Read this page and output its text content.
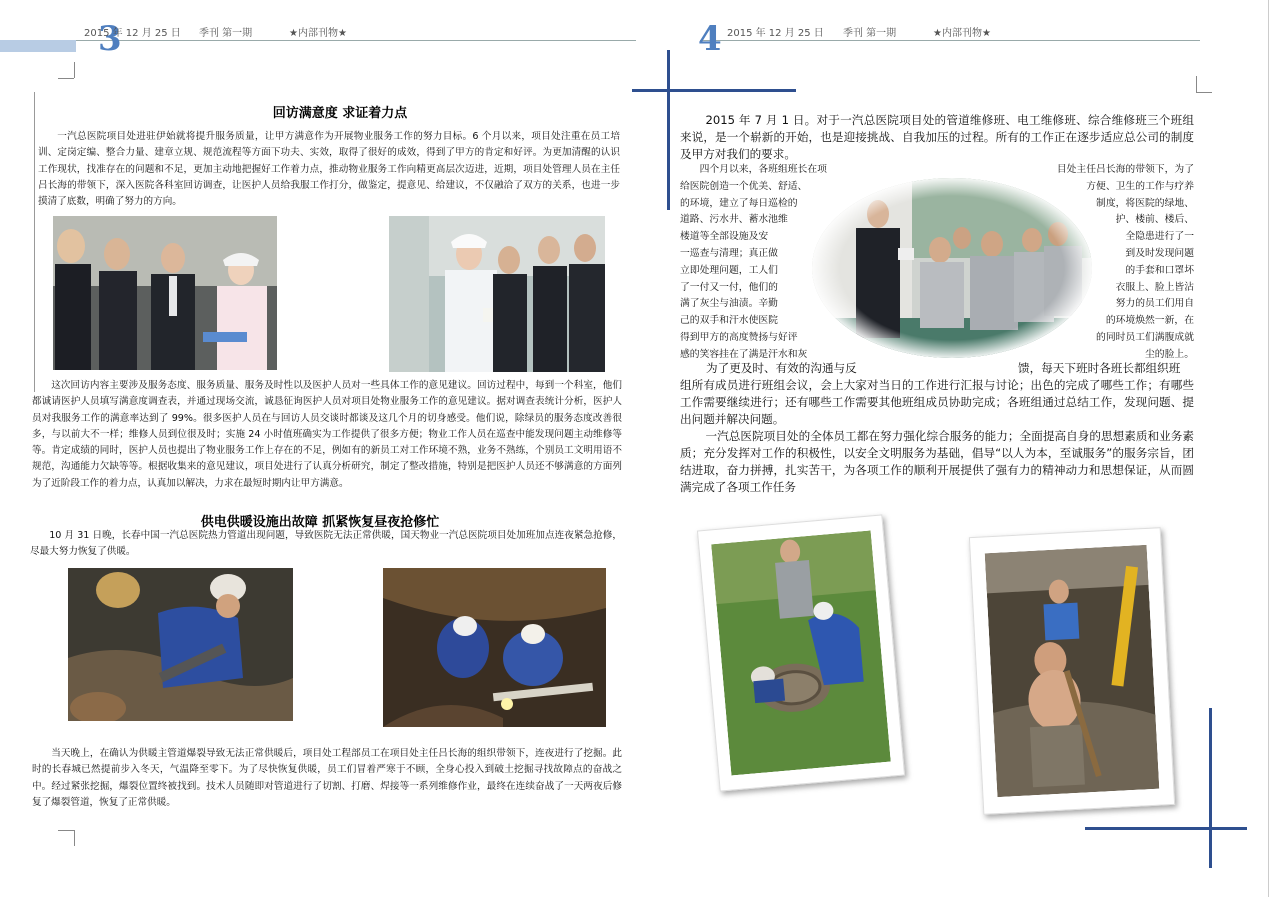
3
2015 年 12 月 25 日 季刊 第一期	★内部刊物★	4 2015 年 12 月 25 日 季刊 第一期	★内部刊物★
回访满意度 求证着力点
一汽总医院项目处进驻伊始就将提升服务质量，让甲方满意作为开展物业服务工作的努力目标。6 个月以来，项目处注重在员工培训、定岗定编、整合力量、建章立规、规范流程等方面下功夫、实效，取得了很好的成效，得到了甲方的肯定和好评。为更加清醒的认识工作现状，找准存在的问题和不足，更加主动地把握好工作着力点，推动物业服务工作向精更高层次迈进，近期，项目处管理人员在主任吕长海的带领下，深入医院各科室回访调查，让医护人员给我服工作打分，做鉴定，提意见、给建议，不仅融洽了双方的关系，也进一步摸清了底数，明确了努力的方向。
这次回访内容主要涉及服务态度、服务质量、服务及时性以及医护人员对一些具体工作的意见建议。回访过程中，每到一个科室，他们都诚请医护人员填写满意度调查表，并通过现场交流，诚恳征询医护人员对项目处物业服务工作的意见建议。据对调查表统计分析，医护人员对我服务工作的满意率达到了 99%。很多医护人员在与回访人员交谈时都谈及这几个月的切身感受。他们说，除绿员的服务态度改善很多，与以前大不一样；维修人员到位很及时；实施 24 小时值班确实为工作提供了很多方便；物业工作人员在巡查中能发现问题主动维修等等。肯定成绩的同时，医护人员也提出了物业服务工作上存在的不足，例如有的新员工对工作环境不熟，业务不熟练，个别员工文明用语不规范，沟通能力欠缺等等。根据收集来的意见建议，项目处进行了认真分析研究，制定了整改措施，特别是把医护人员还不够满意的方面列为了近阶段工作的着力点，认真加以解决，力求在最短时期内让甲方满意。
供电供暖设施出故障 抓紧恢复昼夜抢修忙
10 月 31 日晚，长春中国一汽总医院热力管道出现问题，导致医院无法正常供暖，国天物业一汽总医院项目处加班加点连夜紧急抢修，尽最大努力恢复了供暖。
当天晚上，在确认为供暖主管道爆裂导致无法正常供暖后，项目处工程部员工在项目处主任吕长海的组织带领下，连夜进行了挖掘。此时的长春城已然提前步入冬天，气温降至零下。为了尽快恢复供暖，员工们冒着严寒于不顾，全身心投入到破土挖掘寻找故障点的奋战之中。经过紧张挖掘，爆裂位置终被找到。技术人员随即对管道进行了切割、打磨、焊接等一系列维修作业，最终在连续奋战了一天两夜后修复了爆裂管道，恢复了正常供暖。
2015 年 7 月 1 日。对于一汽总医院项目处的管道维修班、电工维修班、综合维修班三个班组来说，是一个崭新的开始，也是迎接挑战、自我加压的过程。所有的工作正在逐步适应总公司的制度及甲方对我们的要求。
四个月以来，各班组班长在项
给医院创造一个优美、舒适、
的环境，建立了每日巡检的
道路、污水井、蓄水池维
楼道等全部设施及安
一巡查与清理；真正做
立即处理问题，工人们
了一付又一付，他们的
满了灰尘与油渍。辛勤
己的双手和汗水使医院
得到甲方的高度赞扬与好评
感的笑容挂在了满是汗水和灰
目处主任吕长海的带领下，为了
方便、卫生的工作与疗养
制度，将医院的绿地、
护、楼前、楼后、
全隐患进行了一
到及时发现问题
的手套和口罩坏
衣服上、脸上皆沾
努力的员工们用自
的环境焕然一新，在
的同时员工们满腹成就
尘的脸上。
为了更及时、有效的沟通与反	馈，每天下班时各班长都组织班
组所有成员进行班组会议，会上大家对当日的工作进行汇报与讨论；出色的完成了哪些工作；有哪些工作需要继续进行；还有哪些工作需要其他班组成员协助完成；各班组通过总结工作，发现问题、提出问题并解决问题。
一汽总医院项目处的全体员工都在努力强化综合服务的能力；全面提高自身的思想素质和业务素质；充分发挥对工作的积极性，以安全文明服务为基础，倡导“以人为本，至诚服务”的服务宗旨，团结进取，奋力拼搏，扎实苦干，为各项工作的顺利开展提供了强有力的精神动力和思想保证，从而圆满完成了各项工作任务
